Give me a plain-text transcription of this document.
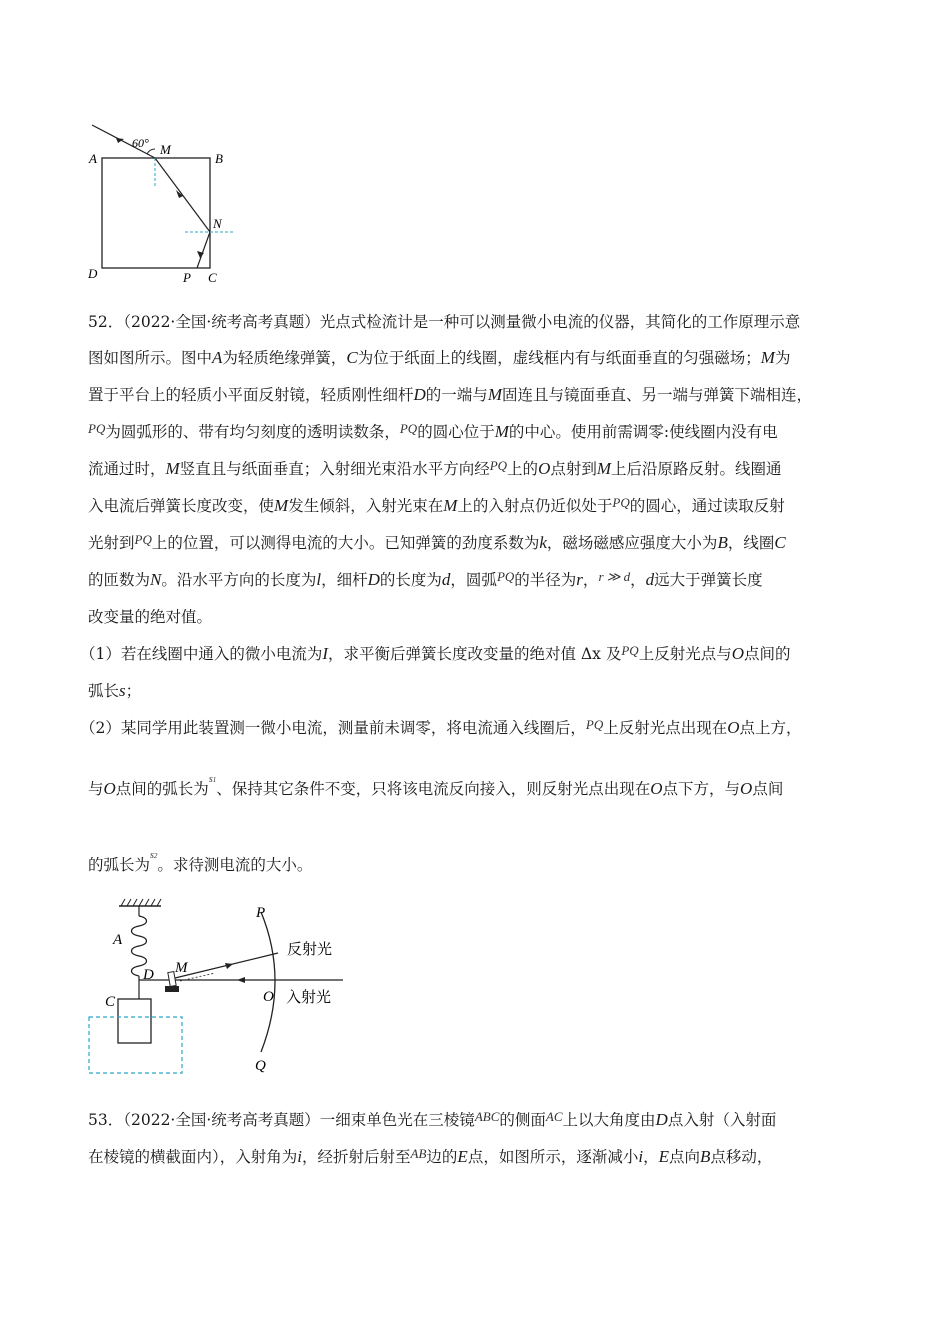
60°
A	B
M
N
D	P C
52．（2022·全国·统考高考真题）光点式检流计是一种可以测量微小电流的仪器，其简化的工作原理示意
图如图所示。图中A为轻质绝缘弹簧，C为位于纸面上的线圈，虚线框内有与纸面垂直的匀强磁场；M为
置于平台上的轻质小平面反射镜，轻质刚性细杆D的一端与M固连且与镜面垂直、另一端与弹簧下端相连，
$^{PQ}$为圆弧形的、带有均匀刻度的透明读数条，$^{PQ}$的圆心位于M的中心。使用前需调零:使线圈内没有电
流通过时，M竖直且与纸面垂直；入射细光束沿水平方向经$^{PQ}$上的O点射到M上后沿原路反射。线圈通
入电流后弹簧长度改变，使M发生倾斜，入射光束在M上的入射点仍近似处于$^{PQ}$的圆心，通过读取反射
光射到$^{PQ}$上的位置，可以测得电流的大小。已知弹簧的劲度系数为k，磁场磁感应强度大小为B，线圈C
的匝数为N。沿水平方向的长度为l，细杆D的长度为d，圆弧$^{PQ}$的半径为r，$^{r ≫ d}$，d远大于弹簧长度
改变量的绝对值。
（1）若在线圈中通入的微小电流为I，求平衡后弹簧长度改变量的绝对值 Δx 及$^{PQ}$上反射光点与O点间的
弧长s；
（2）某同学用此装置测一微小电流，测量前未调零，将电流通入线圈后，$^{PQ}$上反射光点出现在O点上方，
与O点间的弧长为$^{s1}$、保持其它条件不变，只将该电流反向接入，则反射光点出现在O点下方，与O点间
的弧长为$^{s2}$。求待测电流的大小。
A
D M
C
P
Q
O
反射光
入射光
53．（2022·全国·统考高考真题）一细束单色光在三棱镜$^{ABC}$的侧面$^{AC}$上以大角度由D点入射（入射面
在棱镜的横截面内），入射角为i，经折射后射至$^{AB}$边的E点，如图所示，逐渐减小i，E点向B点移动，
